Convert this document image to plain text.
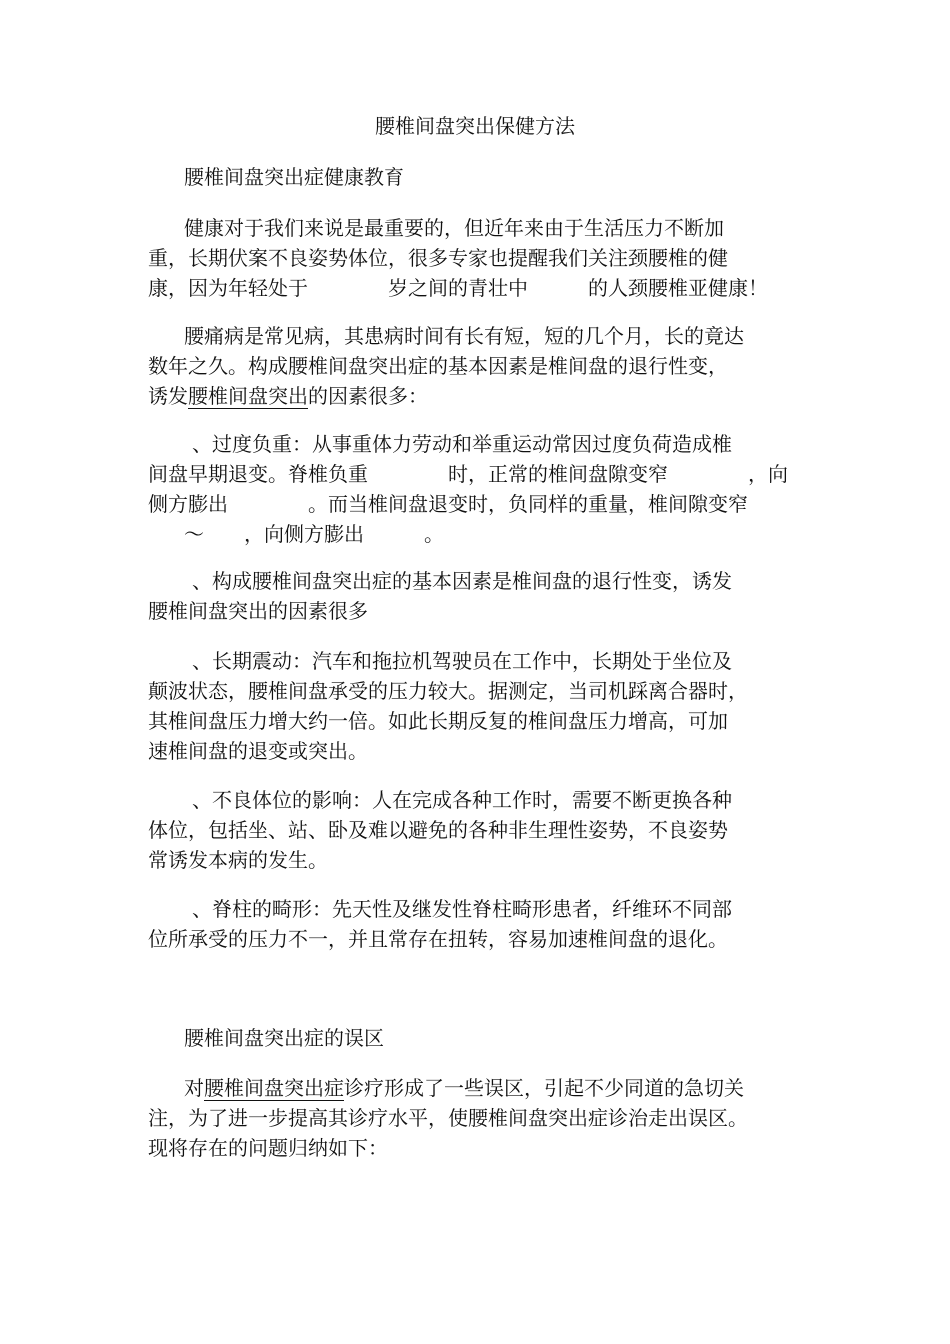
腰椎间盘突出保健方法
腰椎间盘突出症健康教育
健康对于我们来说是最重要的，但近年来由于生活压力不断加
重，长期伏案不良姿势体位，很多专家也提醒我们关注颈腰椎的健
康，因为年轻处于　　　　岁之间的青壮中　　　的人颈腰椎亚健康！
腰痛病是常见病，其患病时间有长有短，短的几个月，长的竟达
数年之久。构成腰椎间盘突出症的基本因素是椎间盘的退行性变，
诱发腰椎间盘突出的因素很多：
、过度负重：从事重体力劳动和举重运动常因过度负荷造成椎
间盘早期退变。脊椎负重　　　　时，正常的椎间盘隙变窄　　　　，向
侧方膨出　　　　。而当椎间盘退变时，负同样的重量，椎间隙变窄
～　　，向侧方膨出　　　。
、构成腰椎间盘突出症的基本因素是椎间盘的退行性变，诱发
腰椎间盘突出的因素很多
、长期震动：汽车和拖拉机驾驶员在工作中，长期处于坐位及
颠波状态，腰椎间盘承受的压力较大。据测定，当司机踩离合器时，
其椎间盘压力增大约一倍。如此长期反复的椎间盘压力增高，可加
速椎间盘的退变或突出。
、不良体位的影响：人在完成各种工作时，需要不断更换各种
体位，包括坐、站、卧及难以避免的各种非生理性姿势，不良姿势
常诱发本病的发生。
、脊柱的畸形：先天性及继发性脊柱畸形患者，纤维环不同部
位所承受的压力不一，并且常存在扭转，容易加速椎间盘的退化。
腰椎间盘突出症的误区
对腰椎间盘突出症诊疗形成了一些误区，引起不少同道的急切关
注，为了进一步提高其诊疗水平，使腰椎间盘突出症诊治走出误区。
现将存在的问题归纳如下：
